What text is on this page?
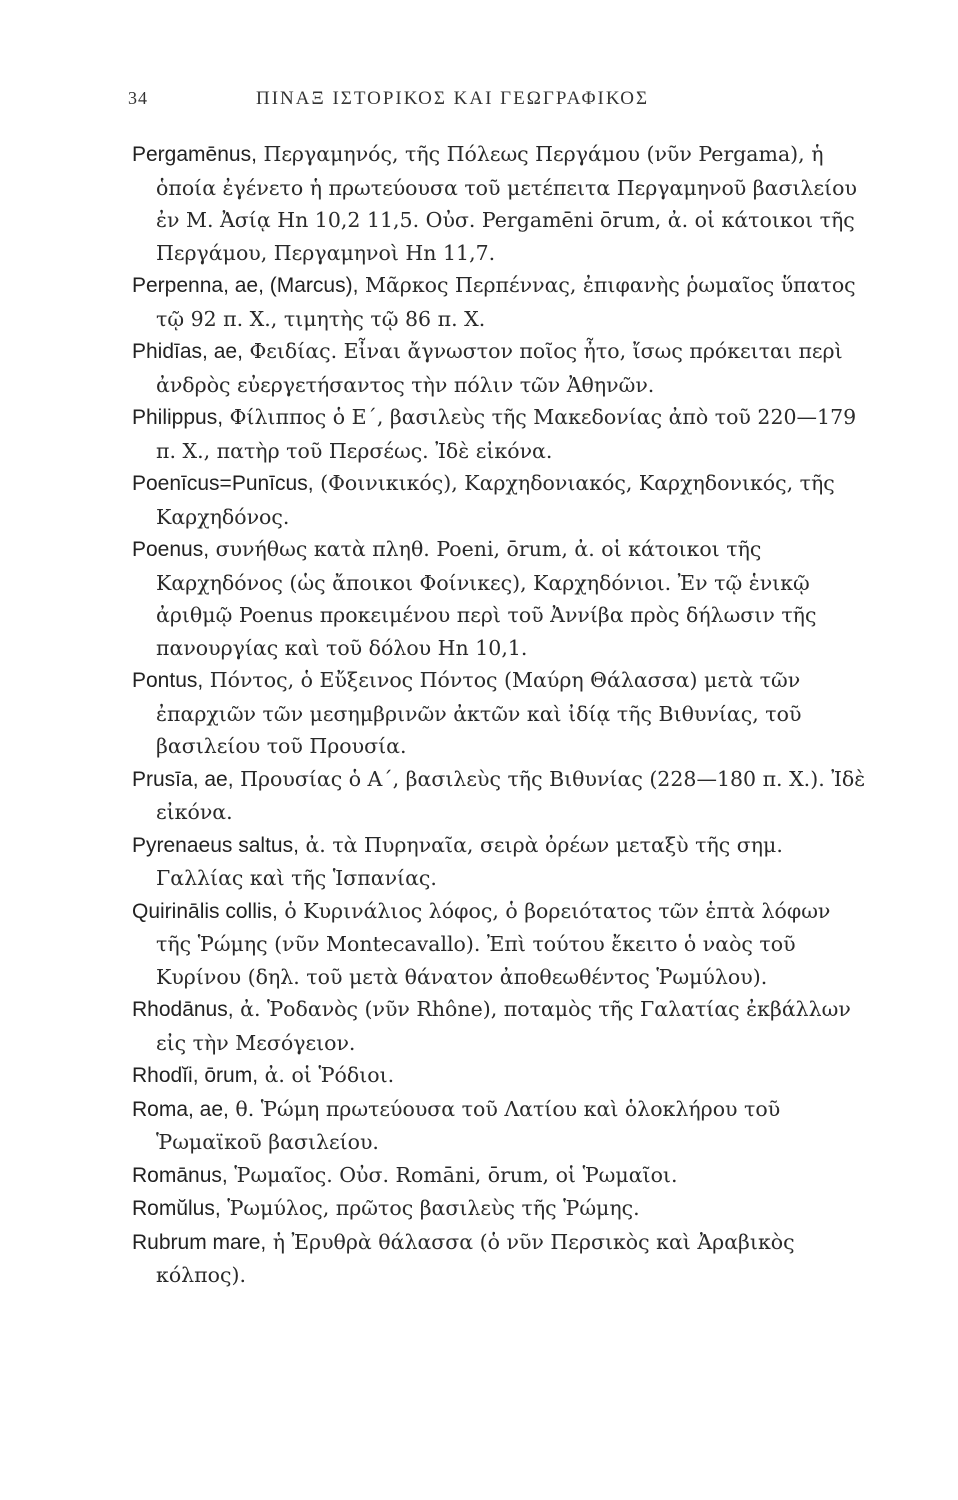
34	ΠΙΝΑΞ ΙΣΤΟΡΙΚΟΣ ΚΑΙ ΓΕΩΓΡΑΦΙΚΟΣ

Pergamēnus, Περγαμηνός, τῆς Πόλεως Περγάμου (νῦν Pergama), ἡ ὁποία ἐγένετο ἡ πρωτεύουσα τοῦ μετέπειτα Περγαμηνοῦ βασιλείου ἐν Μ. Ἀσίᾳ Ηn 10,2 11,5. Οὐσ. Pergamēni ōrum, ἀ. οἱ κάτοικοι τῆς Περγάμου, Περγαμηνοὶ Ηn 11,7.

Perpenna, ae, (Marcus), Μᾶρκος Περπέννας, ἐπιφανὴς ῥωμαῖος ὕπατος τῷ 92 π. Χ., τιμητὴς τῷ 86 π. Χ.

Phidīas, ae, Φειδίας. Εἶναι ἄγνωστον ποῖος ἦτο, ἴσως πρόκειται περὶ ἀνδρὸς εὐεργετήσαντος τὴν πόλιν τῶν Ἀθηνῶν.

Philippus, Φίλιππος ὁ Ε΄, βασιλεὺς τῆς Μακεδονίας ἀπὸ τοῦ 220—179 π. Χ., πατὴρ τοῦ Περσέως. Ἰδὲ εἰκόνα.

Poenīcus=Punīcus, (Φοινικικός), Καρχηδονιακός, Καρχηδονικός, τῆς Καρχηδόνος.

Poenus, συνήθως κατὰ πληθ. Poeni, ōrum, ἀ. οἱ κάτοικοι τῆς Καρχηδόνος (ὡς ἄποικοι Φοίνικες), Καρχηδόνιοι. Ἐν τῷ ἑνικῷ ἀριθμῷ Poenus προκειμένου περὶ τοῦ Ἀννίβα πρὸς δήλωσιν τῆς πανουργίας καὶ τοῦ δόλου Ηn 10,1.

Pontus, Πόντος, ὁ Εὔξεινος Πόντος (Μαύρη Θάλασσα) μετὰ τῶν ἐπαρχιῶν τῶν μεσημβρινῶν ἀκτῶν καὶ ἰδίᾳ τῆς Βιθυνίας, τοῦ βασιλείου τοῦ Προυσία.

Prusīa, ae, Προυσίας ὁ Α΄, βασιλεὺς τῆς Βιθυνίας (228—180 π. Χ.). Ἰδὲ εἰκόνα.

Pyrenaeus saltus, ἀ. τὰ Πυρηναῖα, σειρὰ ὀρέων μεταξὺ τῆς σημ. Γαλλίας καὶ τῆς Ἱσπανίας.

Quirinālis collis, ὁ Κυρινάλιος λόφος, ὁ βορειότατος τῶν ἑπτὰ λόφων τῆς Ῥώμης (νῦν Montecavallo). Ἐπὶ τούτου ἔκειτο ὁ ναὸς τοῦ Κυρίνου (δηλ. τοῦ μετὰ θάνατον ἀποθεωθέντος Ῥωμύλου).

Rhodānus, ἀ. Ῥοδανὸς (νῦν Rhône), ποταμὸς τῆς Γαλατίας ἐκβάλλων εἰς τὴν Μεσόγειον.

Rhodĭi, ōrum, ἀ. οἱ Ῥόδιοι.

Roma, ae, θ. Ῥώμη πρωτεύουσα τοῦ Λατίου καὶ ὁλοκλήρου τοῦ Ῥωμαϊκοῦ βασιλείου.

Romānus, Ῥωμαῖος. Οὐσ. Romāni, ōrum, οἱ Ῥωμαῖοι.

Romŭlus, Ῥωμύλος, πρῶτος βασιλεὺς τῆς Ῥώμης.

Rubrum mare, ἡ Ἐρυθρὰ θάλασσα (ὁ νῦν Περσικὸς καὶ Ἀραβικὸς κόλπος).
